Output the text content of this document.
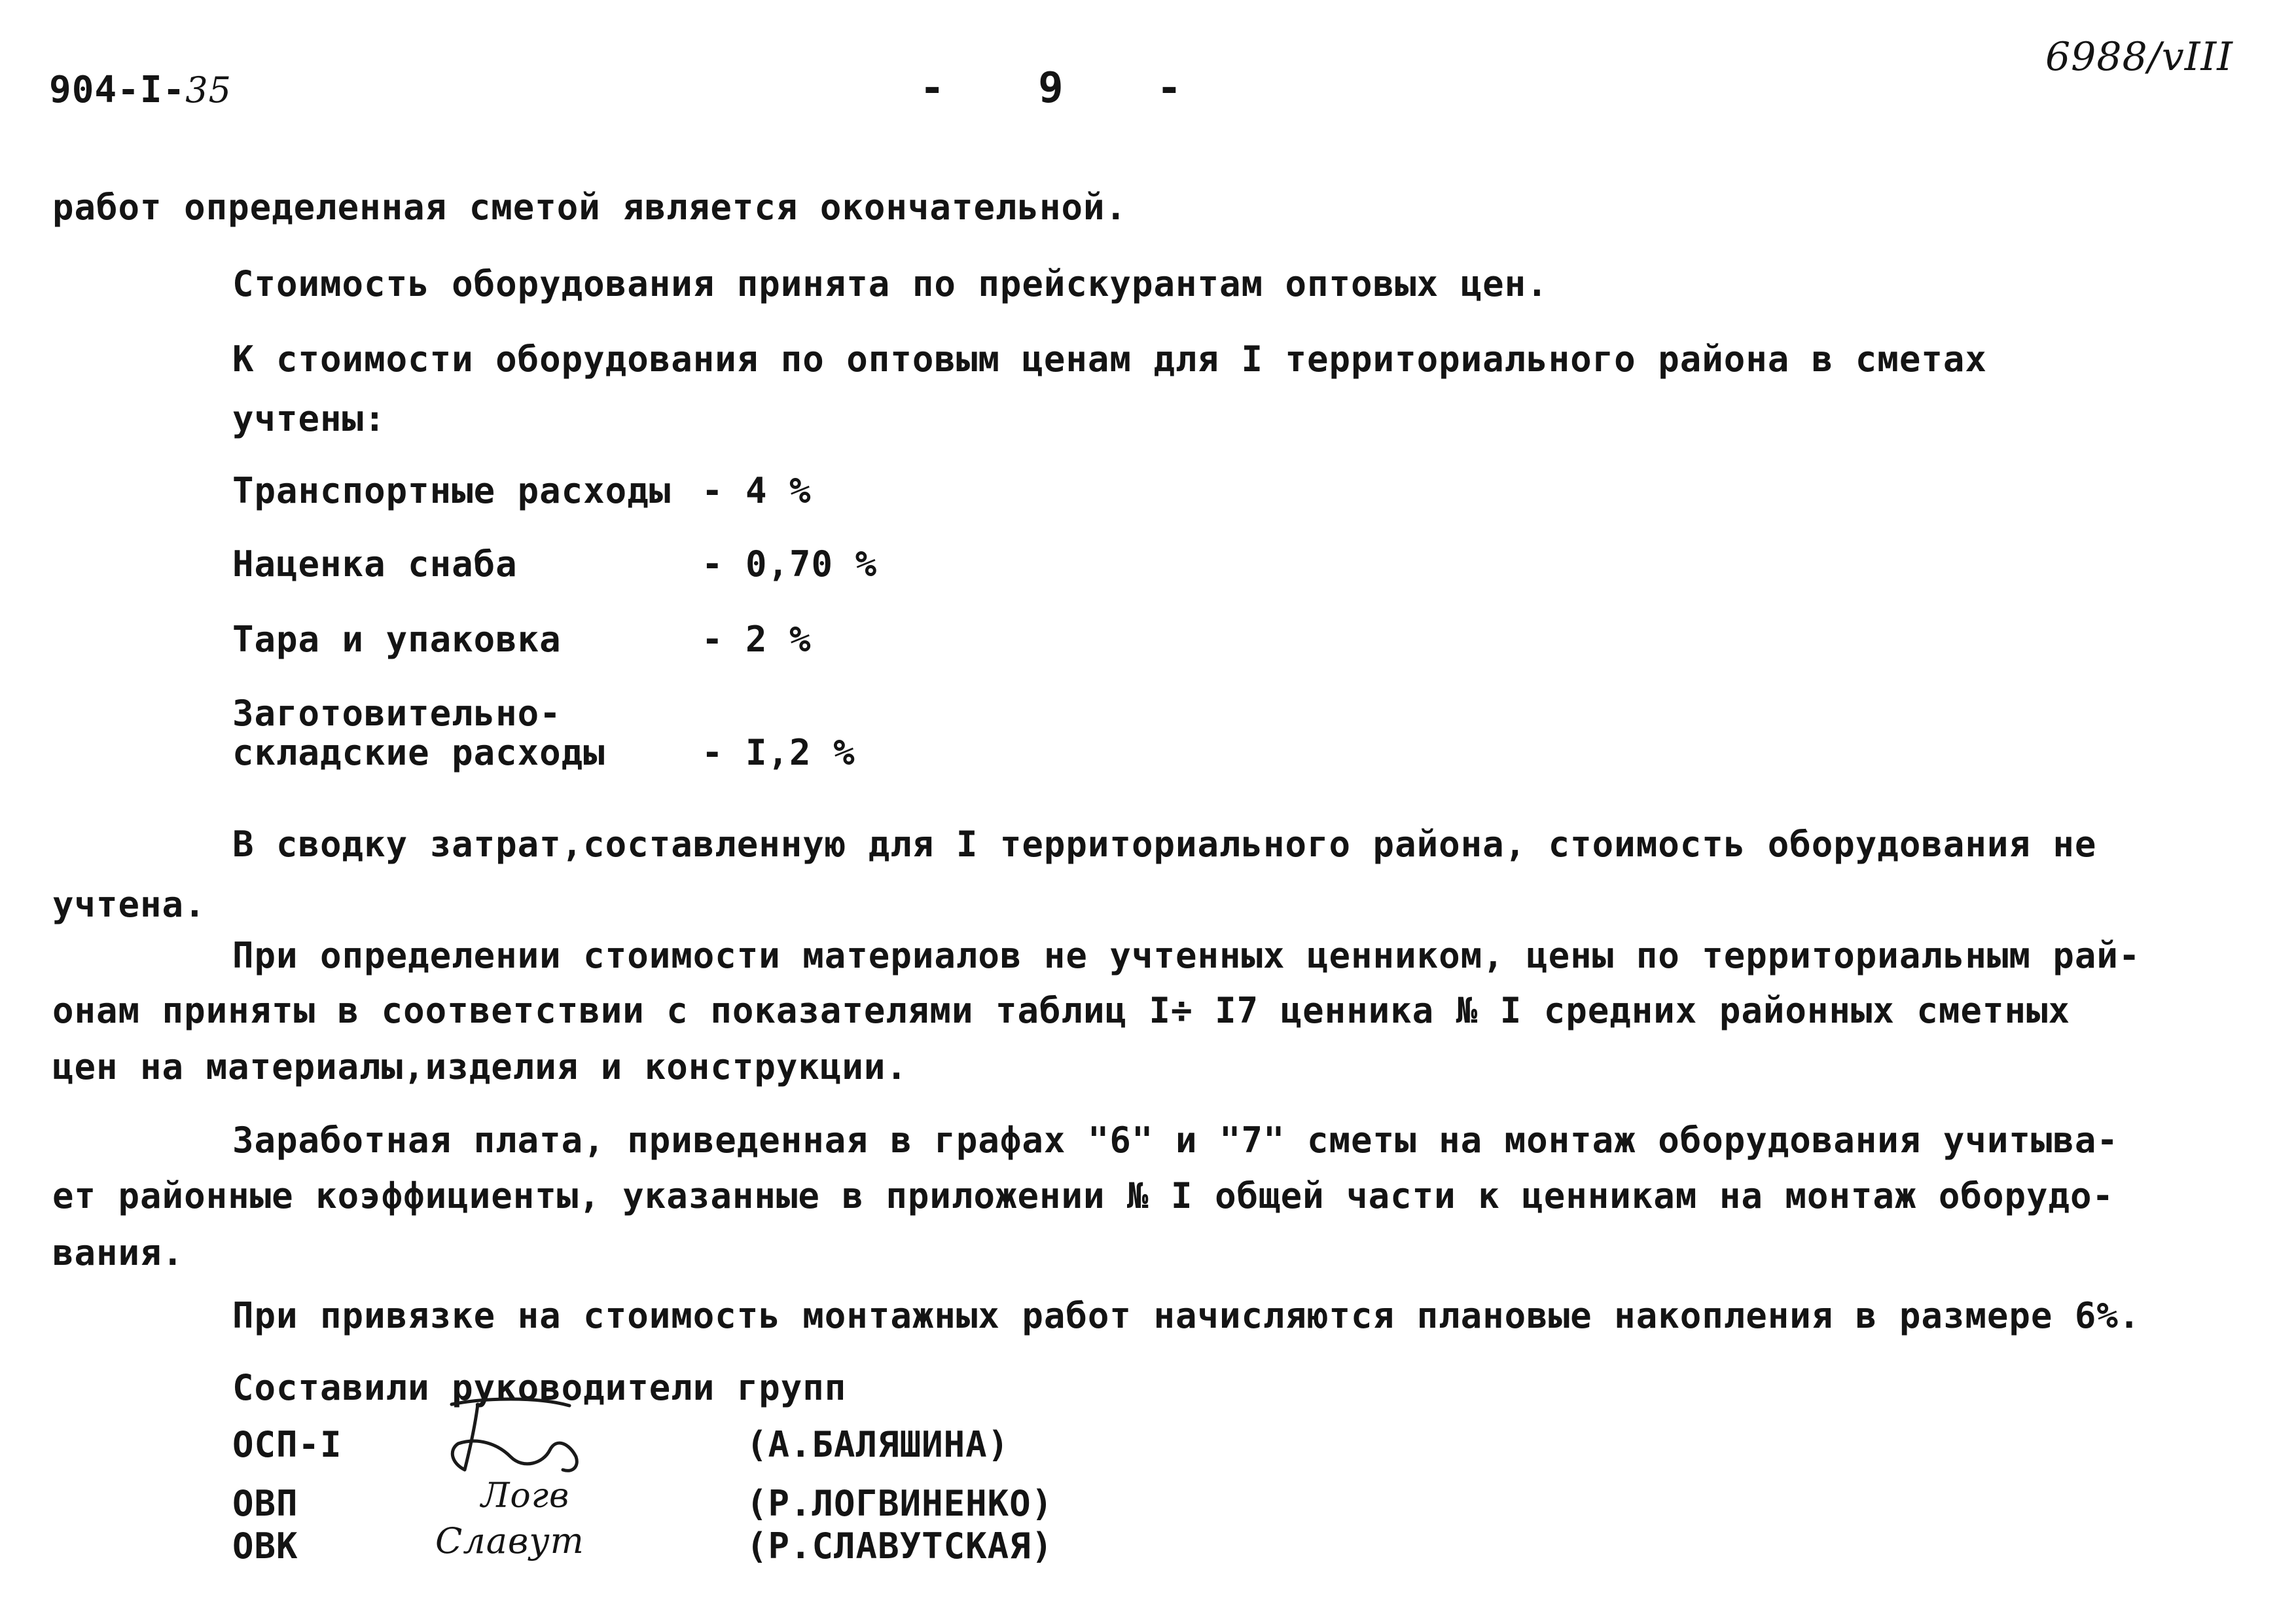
904-I-35	- 9 -
6988/vIII
работ определенная сметой является окончательной.
Стоимость оборудования принята по прейскурантам оптовых цен.
К стоимости оборудования по оптовым ценам для I территориального района в сметах
учтены:
Транспортные расходы - 4 %
Наценка снаба	- 0,70 %
Тара и упаковка	- 2 %
Заготовительно-
складские расходы	- I,2 %
В сводку затрат,составленную для I территориального района, стоимость оборудования не
учтена.
При определении стоимости материалов не учтенных ценником, цены по территориальным рай-
онам приняты в соответствии с показателями таблиц I÷ I7 ценника № I средних районных сметных
цен на материалы,изделия и конструкции.
Заработная плата, приведенная в графах "6" и "7" сметы на монтаж оборудования учитыва-
ет районные коэффициенты, указанные в приложении № I общей части к ценникам на монтаж оборудо-
вания.
При привязке на стоимость монтажных работ начисляются плановые накопления в размере 6%.
Составили руководители групп
ОСП-I	(А.БАЛЯШИНА)
ОВП	(Р.ЛОГВИНЕНКО)
ОВК	(Р.СЛАВУТСКАЯ)
Логв
Славут
